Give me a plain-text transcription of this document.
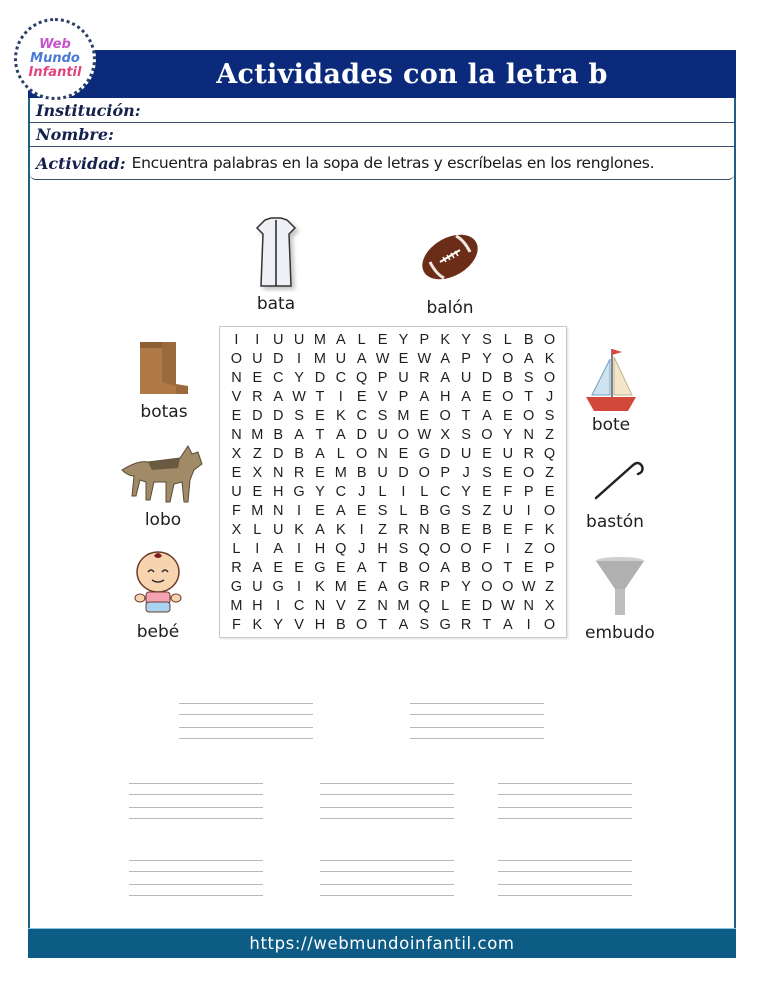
Web
Mundo
Infantil	Actividades con la letra b
Institución:
Nombre:
Actividad: Encuentra palabras en la sopa de letras y escríbelas en los renglones.
bata	balón
botas
lobo
bebé
bote
bastón
embudo
I	I U U M A L E Y P K Y S L B O
O U D I M U A W E W A P Y O A K
N E C Y D C Q P U R A U D B S O
V R A W T I E V P A H A E O T J
E D D S E K C S M E O T A E O S
N M B A T A D U O W X S O Y N Z
X Z D B A L O N E G D U E U R Q
E X N R E M B U D O P J S E O Z
U E H G Y C J L	I	L C Y E F P E
F M N I E A E S L B G S Z U I O
X L U K A K I Z R N B E B E F K
L	I A I H Q J H S Q O O F I Z O
R A E E G E A T B O A B O T E P
G U G I K M E A G R P Y O O W Z
M H I C N V Z N M Q L E D W N X
F K Y V H B O T A S G R T A I O
https://webmundoinfantil.com
